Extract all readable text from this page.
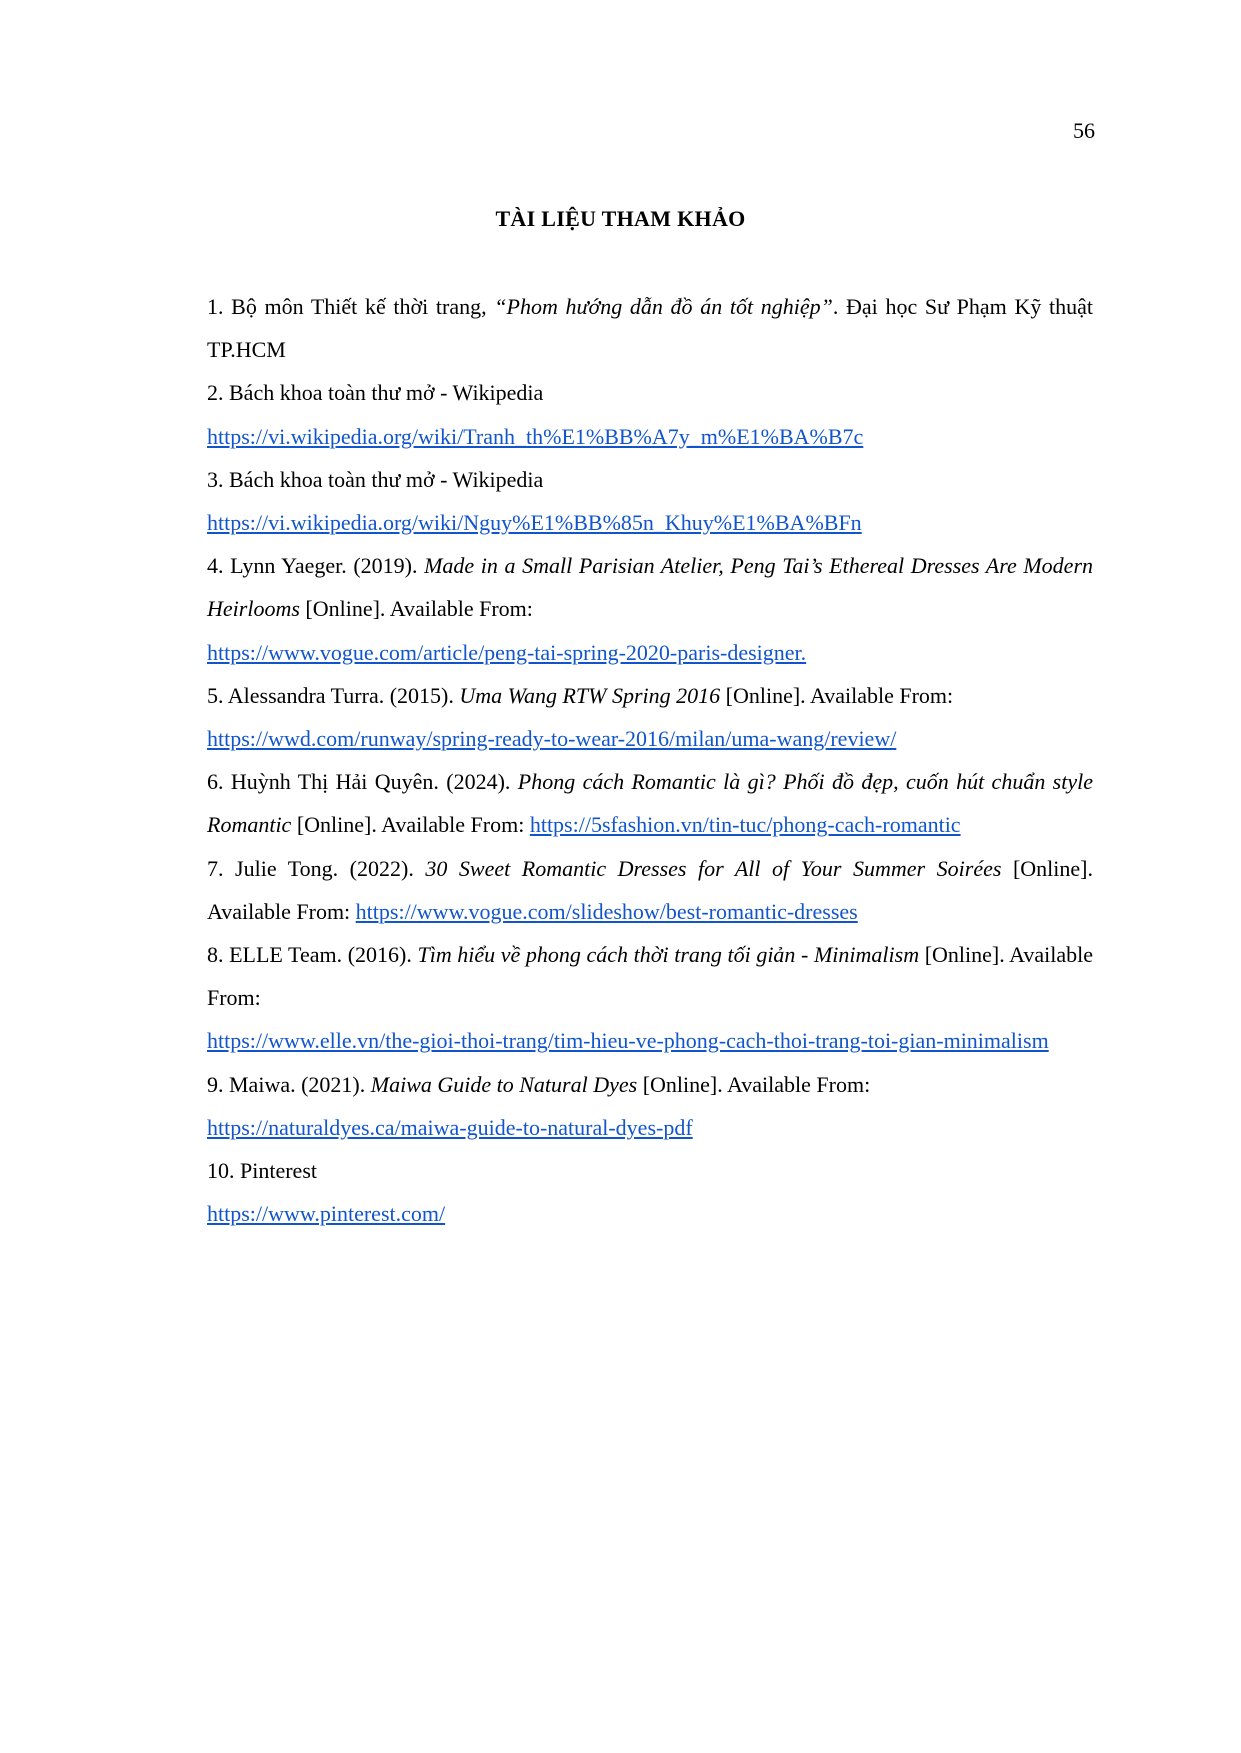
56
TÀI LIỆU THAM KHẢO

1. Bộ môn Thiết kế thời trang, “Phom hướng dẫn đồ án tốt nghiệp”. Đại học Sư Phạm Kỹ thuật TP.HCM

2. Bách khoa toàn thư mở - Wikipedia
https://vi.wikipedia.org/wiki/Tranh_th%E1%BB%A7y_m%E1%BA%B7c

3. Bách khoa toàn thư mở - Wikipedia
https://vi.wikipedia.org/wiki/Nguy%E1%BB%85n_Khuy%E1%BA%BFn

4. Lynn Yaeger. (2019). Made in a Small Parisian Atelier, Peng Tai’s Ethereal Dresses Are Modern Heirlooms [Online]. Available From:
https://www.vogue.com/article/peng-tai-spring-2020-paris-designer.

5. Alessandra Turra. (2015). Uma Wang RTW Spring 2016 [Online]. Available From:
https://wwd.com/runway/spring-ready-to-wear-2016/milan/uma-wang/review/

6. Huỳnh Thị Hải Quyên. (2024). Phong cách Romantic là gì? Phối đồ đẹp, cuốn hút chuẩn style Romantic [Online]. Available From: https://5sfashion.vn/tin-tuc/phong-cach-romantic

7. Julie Tong. (2022). 30 Sweet Romantic Dresses for All of Your Summer Soirées [Online]. Available From: https://www.vogue.com/slideshow/best-romantic-dresses

8. ELLE Team. (2016). Tìm hiểu về phong cách thời trang tối giản - Minimalism [Online]. Available From:
https://www.elle.vn/the-gioi-thoi-trang/tim-hieu-ve-phong-cach-thoi-trang-toi-gian-minimalism

9. Maiwa. (2021). Maiwa Guide to Natural Dyes [Online]. Available From:
https://naturaldyes.ca/maiwa-guide-to-natural-dyes-pdf

10. Pinterest
https://www.pinterest.com/
